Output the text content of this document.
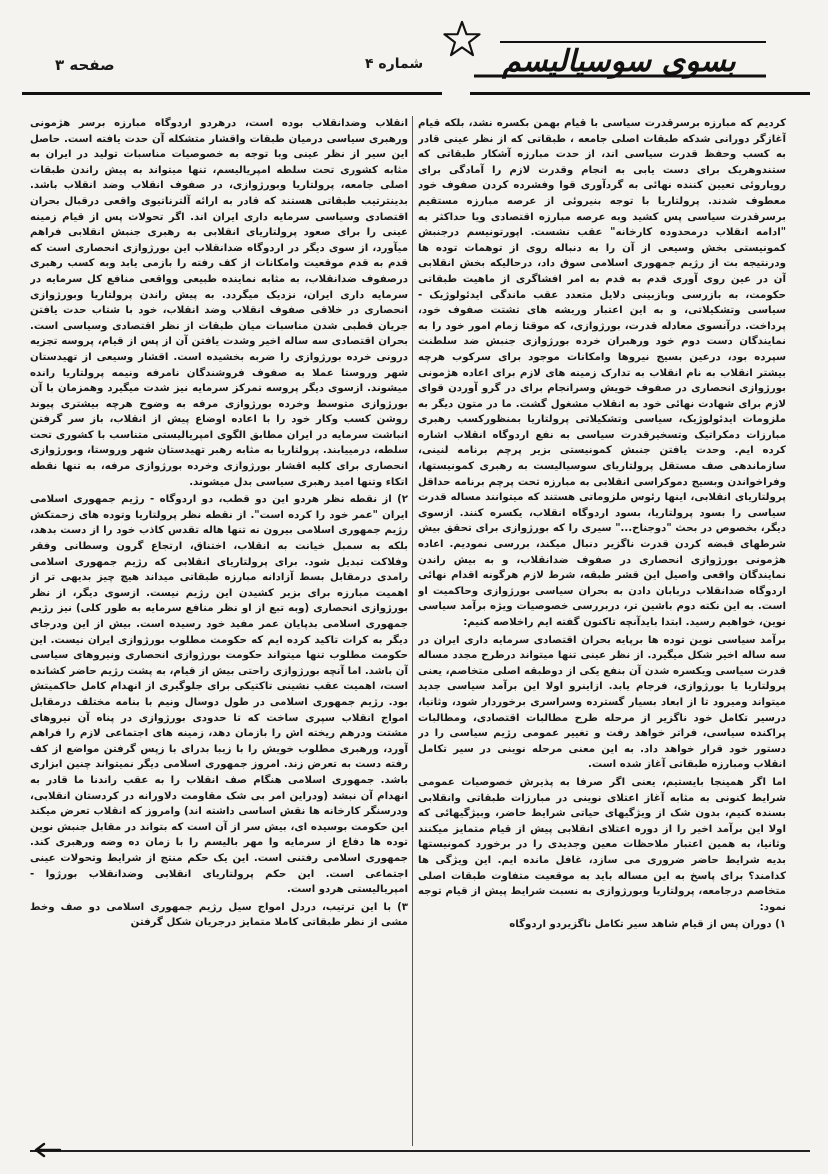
صفحه ۳	شماره ۴	بسوی سوسیالیسم

کردیم که مبارزه برسرقدرت سیاسی با قیام بهمن بکسره نشد، بلکه قیام آغازگر دورانی شدکه طبقات اصلی جامعه ، طبقاتی که از نظر عینی قادر به کسب وحفظ قدرت سیاسی اند، از حدت مبارزه آشکار طبقاتی که ستندوهریک برای دست یابی به انجام وقدرت لازم را آمادگی برای رویاروئی تعیین کننده نهائی به گردآوری قوا وفشرده کردن صفوف خود معطوف شدند. پرولتاریا با توجه بنیروئی از عرصه مبارزه مستقیم برسرقدرت سیاسی پس کشید وبه عرصه مبارزه اقتصادی ویا حداکثر به "ادامه انقلاب درمحدوده کارخانه" عقب نشست. اپورتونیسم درجنبش کمونیستی بخش وسیعی از آن را به دنباله روی از توهمات توده ها ودرنتیجه بت از رژیم جمهوری اسلامی سوق داد، درحالیکه بخش انقلابی آن در عین روی آوری قدم به قدم به امر افشاگری از ماهیت طبقاتی حکومت، به بازرسی وبازبینی دلایل متعدد عقب ماندگی ایدئولوژیک - سیاسی وتشکیلاتی، و به این اعتبار وریشه های تشتت صفوف خود، پرداخت. درآنسوی معادله قدرت، بورژوازی، که موقتا زمام امور خود را به نمایندگان دست دوم خود ورهبران خرده بورژوازی جنبش ضد سلطنت سپرده بود، درعین بسیج نیروها وامکانات موجود برای سرکوب هرچه بیشتر انقلاب به نام انقلاب به تدارک زمینه های لازم برای اعاده هژمونی بورژوازی انحصاری در صفوف خویش وسرانجام برای در گرو آوردن قوای لازم برای شهادت نهائی خود به انقلاب مشغول گشت. ما در متون دیگر به ملزومات ایدئولوژیک، سیاسی وتشکیلاتی پرولتاریا بمنظورکسب رهبری مبارزات دمکراتیک وتسخیرقدرت سیاسی به نفع اردوگاه انقلاب اشاره کرده ایم. وحدت یافتن جنبش کمونیستی بزیر پرچم برنامه لنینی، سازماندهی صف مستقل پرولتاریای سوسیالیست به رهبری کمونیستها، وفراخواندن وبسیج دموکراسی انقلابی به مبارزه تحت پرچم برنامه حداقل پرولتاریای انقلابی، اینها رئوس ملزوماتی هستند که میتوانند مساله قدرت سیاسی را بسود پرولتاریا، بسود اردوگاه انقلاب، یکسره کنند. ازسوی دیگر، بخصوص در بحث "دوجناح..." سیری را که بورژوازی برای تحقق بیش شرطهای قبضه کردن قدرت ناگزیر دنبال میکند، بررسی نمودیم. اعاده هژمونی بورژوازی انحصاری در صفوف ضدانقلاب، و به بیش راندن نمایندگان واقعی واصیل این قشر طبقه، شرط لازم هرگونه اقدام نهائی اردوگاه ضدانقلاب دربابان دادن به بحران سیاسی بورژوازی وحاکمیت او است. به این نکته دوم باشین تر، دربررسی خصوصیات ویژه برآمد سیاسی نوین، خواهیم رسید. ابتدا بایدآنچه تاکنون گفته ایم راخلاصه کنیم:

برآمد سیاسی نوین توده ها برپایه بحران اقتصادی سرمایه داری ایران در سه ساله اخیر شکل میگیرد. از نظر عینی تنها میتواند درطرح مجدد مساله قدرت سیاسی ویکسره شدن آن بنفع یکی از دوطبقه اصلی متخاصم، یعنی پرولتاریا یا بورژوازی، فرجام یابد. ازاینرو اولا این برآمد سیاسی جدید میتواند ومیرود تا از ابعاد بسیار گسترده وسراسری برخوردار شود، وثانیا، درسیر تکامل خود ناگزیر از مرحله طرح مطالبات اقتصادی، ومطالبات پراکنده سیاسی، فراتر خواهد رفت و تغییر عمومی رژیم سیاسی را در دستور خود قرار خواهد داد. به این معنی مرحله نوینی در سیر تکامل انقلاب ومبارزه طبقاتی آغاز شده است.

اما اگر همینجا بایستیم، یعنی اگر صرفا به پذیرش خصوصیات عمومی شرایط کنونی به مثابه آغاز اعتلای نوینی در مبارزات طبقاتی وانقلابی بسنده کنیم، بدون شک از ویژگیهای حیاتی شرایط حاضر، وبیژگیهائی که اولا این برآمد اخیر را از دوره اعتلای انقلابی پیش از قیام متمایز میکنند وثانیا، به همین اعتبار ملاحظات معین وجدیدی را در برخورد کمونیستها بدیه شرایط حاضر ضروری می سازد، غافل مانده ایم. این ویژگی ها کدامند؟ برای پاسخ به این مساله باید به موقعیت متفاوت طبقات اصلی متخاصم درجامعه، پرولتاریا وبورژوازی به نسبت شرایط پیش از قیام توجه نمود:

۱) دوران پس از قیام شاهد سیر تکامل ناگزیردو اردوگاه

انقلاب وضدانقلاب بوده است، درهردو اردوگاه مبارزه برسر هژمونی ورهبری سیاسی درمیان طبقات واقشار متشکله آن حدت یافته است. حاصل این سیر از نظر عینی وبا توجه به خصوصیات مناسبات تولید در ایران به مثابه کشوری تحت سلطه امپریالیسم، تنها میتواند به پیش راندن طبقات اصلی جامعه، پرولتاریا وبورژوازی، در صفوف انقلاب وضد انقلاب باشد. بدینترتیب طبقاتی هستند که قادر به ارائه آلترناتیوی واقعی درقبال بحران اقتصادی وسیاسی سرمایه داری ایران اند. اگر تحولات پس از قیام زمینه عینی را برای صعود پرولتاریای انقلابی به رهبری جنبش انقلابی فراهم میآورد، از سوی دیگر در اردوگاه ضدانقلاب این بورژوازی انحصاری است که قدم به قدم موقعیت وامکانات از کف رفته را بازمی یابد وبه کسب رهبری درصفوف ضدانقلاب، به مثابه نماینده طبیعی وواقعی منافع کل سرمایه در سرمایه داری ایران، نزدیک میگردد. به پیش راندن پرولتاریا وبورژوازی انحصاری در خلاقی صفوف انقلاب وضد انقلاب، خود با شتاب حدت یافتن جریان قطبی شدن مناسبات میان طبقات از نظر اقتصادی وسیاسی است. بحران اقتصادی سه ساله اخیر وشدت یافتن آن از پس از قیام، پروسه تجزیه درونی خرده بورژوازی را ضربه بخشیده است. اقشار وسیعی از تهیدستان شهر وروستا عملا به صفوف فروشندگان نامرفه ونیمه پرولتاریا رانده میشوند. ازسوی دیگر پروسه تمرکز سرمایه نیز شدت میگیرد وهمزمان با آن بورژوازی متوسط وخرده بورژوازی مرفه به وضوح هرچه بیشتری پیوند روشن کسب وکار خود را با اعاده اوضاع پیش از انقلاب، باز سر گرفتن انباشت سرمایه در ایران مطابق الگوی امپریالیستی متناسب با کشوری تحت سلطه، درمییابند. پرولتاریا به مثابه رهبر تهیدستان شهر وروستا، وبورژوازی انحصاری برای کلیه اقشار بورژوازی وخرده بورژوازی مرفه، به تنها نقطه اتکاء وتنها امید رهبری سیاسی بدل میشوند.

۲) از نقطه نظر هردو این دو قطب، دو اردوگاه - رژیم جمهوری اسلامی ایران "عمر خود را کرده است". از نقطه نظر پرولتاریا وتوده های زحمتکش رژیم جمهوری اسلامی بیرون نه تنها هاله تقدس کاذب خود را از دست بدهد، بلکه به سمبل خیانت به انقلاب، اختناق، ارتجاع گرون وسطانی وفقر وفلاکت تبدیل شود. برای پرولتاریای انقلابی که رژیم جمهوری اسلامی رامدی درمقابل بسط آزادانه مبارزه طبقاتی میداند هیچ چیز بدیهی تر از اهمیت مبارزه برای بزیر کشیدن این رژیم نیست. ازسوی دیگر، از نظر بورژوازی انحصاری (وبه تبع از او نظر منافع سرمایه به طور کلی) نیز رژیم جمهوری اسلامی بدپایان عمر مفید خود رسیده است. بیش از این ودرجای دیگر به کرات تاکید کرده ایم که حکومت مطلوب بورژوازی ایران نیست. این حکومت مطلوب تنها میتواند حکومت بورژوازی انحصاری ونیروهای سیاسی آن باشد. اما آنچه بورژوازی راحتی بیش از قیام، به پشت رژیم حاضر کشانده است، اهمیت عقب نشینی تاکتیکی برای جلوگیری از انهدام کامل حاکمیتش بود. رژیم جمهوری اسلامی در طول دوسال ونیم با بنامه مختلف درمقابل امواج انقلاب سپری ساخت که تا حدودی بورژوازی در پناه آن نیروهای مشتت ودرهم ریخته اش را بازمان دهد، زمینه های اجتماعی لازم را فراهم آورد، ورهبری مطلوب خویش را با زیبا بدرای با زپس گرفتن مواضع از کف رفته دست به تعرض زند. امروز جمهوری اسلامی دیگر نمیتواند چنین ابزاری باشد. جمهوری اسلامی هنگام صف انقلاب را به عقب راندنا ما قادر به انهدام آن نبشد (ودراین امر بی شک مقاومت دلاورانه در کردستان انقلابی، ودرسنگر کارخانه ها نقش اساسی داشته اند) وامروز که انقلاب تعرض میکند این حکومت بوسیده ای، بیش سر از آن است که بتواند در مقابل جنبش نوین توده ها دفاع از سرمایه وا مهر بالیسم را با زمان ده وضه ورهبری کند. جمهوری اسلامی رفتنی است. این یک حکم منتج از شرایط وتحولات عینی اجتماعی است. این حکم پرولتاریای انقلابی وضدانقلاب بورژوا - امپریالیستی هردو است.

۳) با این ترتیب، دردل امواج سیل رژیم جمهوری اسلامی دو صف وخط مشی از نظر طبقاتی کاملا متمایز درجریان شکل گرفتن
